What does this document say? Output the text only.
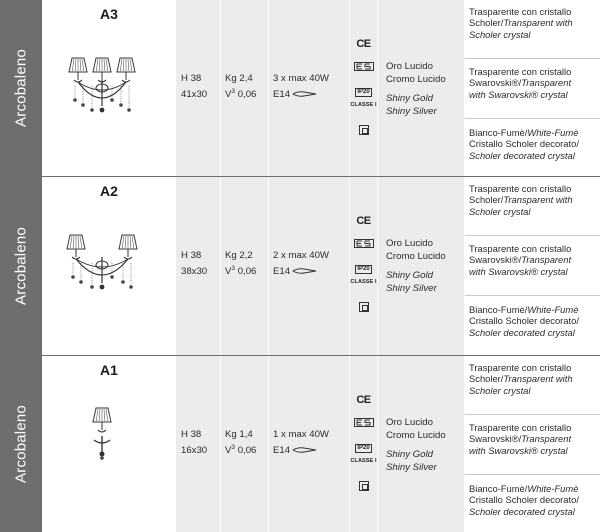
Arcobaleno
A3
H 38
41x30
Kg 2,4
$V^3$ 0,06
3 x max 40W
E14
CE
IP20
CLASSE I
Oro Lucido
Cromo Lucido
Shiny Gold
Shiny Silver
Trasparente con cristallo
Scholer/Transparent with
Scholer crystal
Trasparente con cristallo
Swarovski®/Transparent
with Swarovski® crystal
Bianco-Fumè/White-Fumè
Cristallo Scholer decorato/
Scholer decorated crystal
Arcobaleno
A2
H 38
38x30
Kg 2,2
$V^3$ 0,06
2 x max 40W
E14
CE
IP20
CLASSE I
Oro Lucido
Cromo Lucido
Shiny Gold
Shiny Silver
Trasparente con cristallo
Scholer/Transparent with
Scholer crystal
Trasparente con cristallo
Swarovski®/Transparent
with Swarovski® crystal
Bianco-Fumè/White-Fumè
Cristallo Scholer decorato/
Scholer decorated crystal
Arcobaleno
A1
H 38
16x30
Kg 1,4
$V^3$ 0,06
1 x max 40W
E14
CE
IP20
CLASSE I
Oro Lucido
Cromo Lucido
Shiny Gold
Shiny Silver
Trasparente con cristallo
Scholer/Transparent with
Scholer crystal
Trasparente con cristallo
Swarovski®/Transparent
with Swarovski® crystal
Bianco-Fumè/White-Fumè
Cristallo Scholer decorato/
Scholer decorated crystal
